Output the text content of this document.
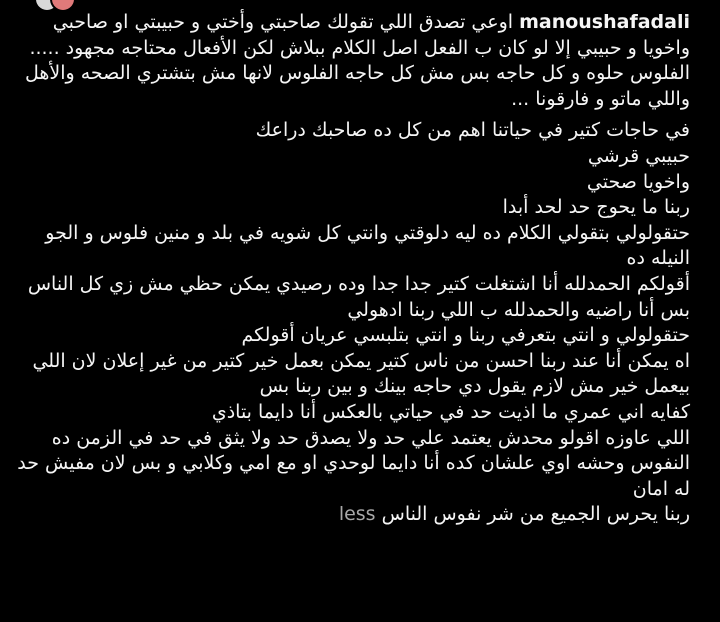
manoushafadali اوعي تصدق اللي تقولك صاحبتي وأختي و حبيبتي او صاحبي
واخويا و حبيبي إلا لو كان ب الفعل اصل الكلام ببلاش لكن الأفعال محتاجه مجهود .....
الفلوس حلوه و كل حاجه بس مش كل حاجه الفلوس لانها مش بتشتري الصحه والأهل
واللي ماتو و فارقونا ...
في حاجات كتير في حياتنا اهم من كل ده صاحبك دراعك
حبيبي قرشي
واخويا صحتي
ربنا ما يحوج حد لحد أبدا
حتقولولي بتقولي الكلام ده ليه دلوقتي وانتي كل شويه في بلد و منين فلوس و الجو
النيله ده
أقولكم الحمدلله أنا اشتغلت كتير جدا جدا وده رصيدي يمكن حظي مش زي كل الناس
بس أنا راضيه والحمدلله ب اللي ربنا ادهولي
حتقولولي و انتي بتعرفي ربنا و انتي بتلبسي عريان أقولكم
اه يمكن أنا عند ربنا احسن من ناس كتير يمكن بعمل خير كتير من غير إعلان لان اللي
بيعمل خير مش لازم يقول دي حاجه بينك و بين ربنا بس
كفايه اني عمري ما اذيت حد في حياتي بالعكس أنا دايما بتاذي
اللي عاوزه اقولو محدش يعتمد علي حد ولا يصدق حد ولا يثق في حد في الزمن ده
النفوس وحشه اوي علشان كده أنا دايما لوحدي او مع امي وكلابي و بس لان مفيش حد
له امان
ربنا يحرس الجميع من شر نفوس الناس less
